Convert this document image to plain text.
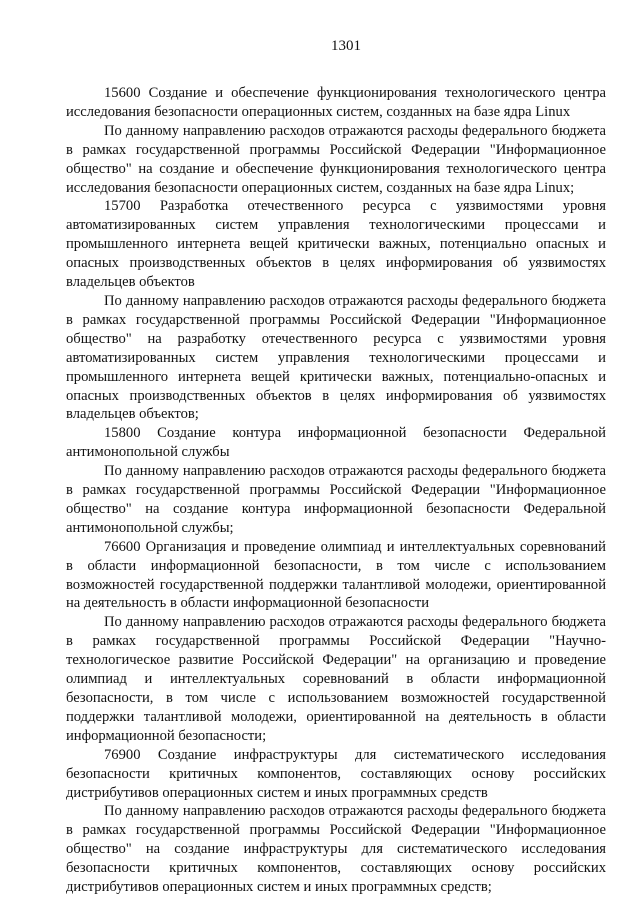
1301

15600 Создание и обеспечение функционирования технологического центра исследования безопасности операционных систем, созданных на базе ядра Linux

По данному направлению расходов отражаются расходы федерального бюджета в рамках государственной программы Российской Федерации "Информационное общество" на создание и обеспечение функционирования технологического центра исследования безопасности операционных систем, созданных на базе ядра Linux;

15700 Разработка отечественного ресурса с уязвимостями уровня автоматизированных систем управления технологическими процессами и промышленного интернета вещей критически важных, потенциально опасных и опасных производственных объектов в целях информирования об уязвимостях владельцев объектов

По данному направлению расходов отражаются расходы федерального бюджета в рамках государственной программы Российской Федерации "Информационное общество" на разработку отечественного ресурса с уязвимостями уровня автоматизированных систем управления технологическими процессами и промышленного интернета вещей критически важных, потенциально-опасных и опасных производственных объектов в целях информирования об уязвимостях владельцев объектов;

15800 Создание контура информационной безопасности Федеральной антимонопольной службы

По данному направлению расходов отражаются расходы федерального бюджета в рамках государственной программы Российской Федерации "Информационное общество" на создание контура информационной безопасности Федеральной антимонопольной службы;

76600 Организация и проведение олимпиад и интеллектуальных соревнований в области информационной безопасности, в том числе с использованием возможностей государственной поддержки талантливой молодежи, ориентированной на деятельность в области информационной безопасности

По данному направлению расходов отражаются расходы федерального бюджета в рамках государственной программы Российской Федерации "Научно-технологическое развитие Российской Федерации" на организацию и проведение олимпиад и интеллектуальных соревнований в области информационной безопасности, в том числе с использованием возможностей государственной поддержки талантливой молодежи, ориентированной на деятельность в области информационной безопасности;

76900 Создание инфраструктуры для систематического исследования безопасности критичных компонентов, составляющих основу российских дистрибутивов операционных систем и иных программных средств

По данному направлению расходов отражаются расходы федерального бюджета в рамках государственной программы Российской Федерации "Информационное общество" на создание инфраструктуры для систематического исследования безопасности критичных компонентов, составляющих основу российских дистрибутивов операционных систем и иных программных средств;
